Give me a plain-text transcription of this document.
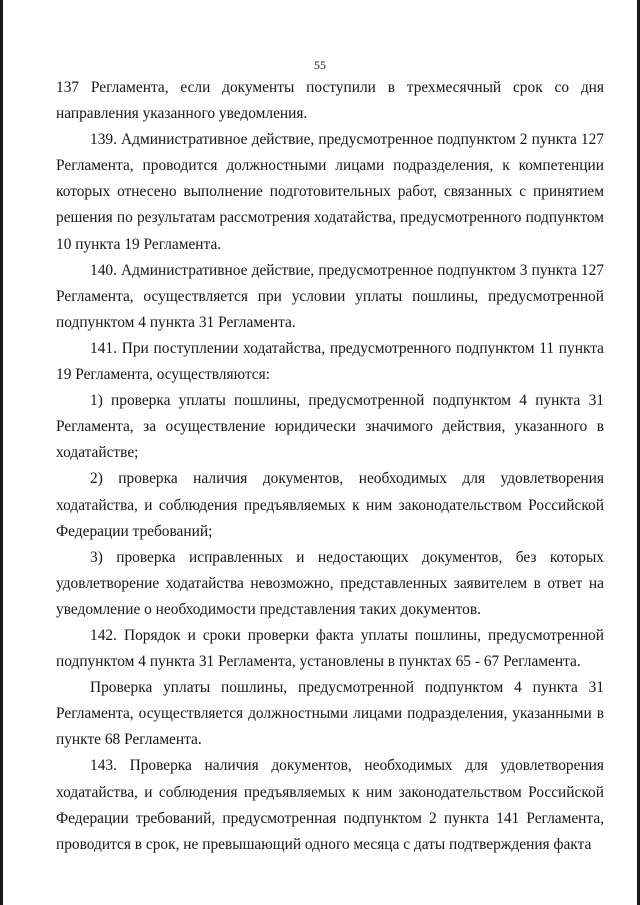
55

137 Регламента, если документы поступили в трехмесячный срок со дня направления указанного уведомления.

139. Административное действие, предусмотренное подпунктом 2 пункта 127 Регламента, проводится должностными лицами подразделения, к компетенции которых отнесено выполнение подготовительных работ, связанных с принятием решения по результатам рассмотрения ходатайства, предусмотренного подпунктом 10 пункта 19 Регламента.

140. Административное действие, предусмотренное подпунктом 3 пункта 127 Регламента, осуществляется при условии уплаты пошлины, предусмотренной подпунктом 4 пункта 31 Регламента.

141. При поступлении ходатайства, предусмотренного подпунктом 11 пункта 19 Регламента, осуществляются:

1) проверка уплаты пошлины, предусмотренной подпунктом 4 пункта 31 Регламента, за осуществление юридически значимого действия, указанного в ходатайстве;

2) проверка наличия документов, необходимых для удовлетворения ходатайства, и соблюдения предъявляемых к ним законодательством Российской Федерации требований;

3) проверка исправленных и недостающих документов, без которых удовлетворение ходатайства невозможно, представленных заявителем в ответ на уведомление о необходимости представления таких документов.

142. Порядок и сроки проверки факта уплаты пошлины, предусмотренной подпунктом 4 пункта 31 Регламента, установлены в пунктах 65 - 67 Регламента.

Проверка уплаты пошлины, предусмотренной подпунктом 4 пункта 31 Регламента, осуществляется должностными лицами подразделения, указанными в пункте 68 Регламента.

143. Проверка наличия документов, необходимых для удовлетворения ходатайства, и соблюдения предъявляемых к ним законодательством Российской Федерации требований, предусмотренная подпунктом 2 пункта 141 Регламента, проводится в срок, не превышающий одного месяца с даты подтверждения факта
